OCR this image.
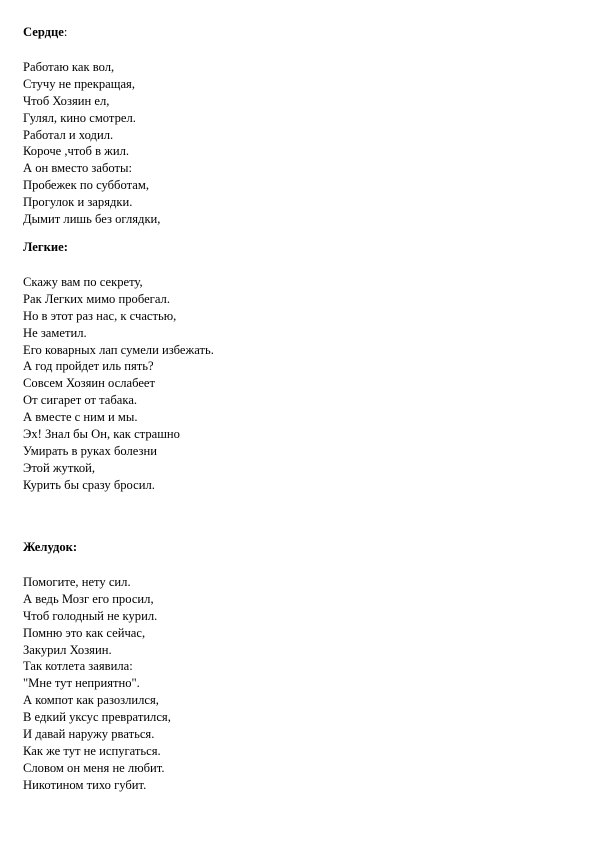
Сердце:
Работаю как вол,
Стучу не прекращая,
Чтоб Хозяин ел,
Гулял, кино смотрел.
Работал и ходил.
Короче ,чтоб в жил.
А он вместо заботы:
Пробежек по субботам,
Прогулок и зарядки.
Дымит лишь без оглядки,
Легкие:
Скажу вам по секрету,
Рак Легких мимо пробегал.
Но в этот раз нас, к счастью,
Не заметил.
Его коварных лап сумели избежать.
А год пройдет иль пять?
Совсем Хозяин ослабеет
От сигарет от табака.
А вместе с ним и мы.
Эх! Знал бы Он, как страшно
Умирать в руках болезни
Этой жуткой,
Курить бы сразу бросил.
Желудок:
Помогите, нету сил.
А ведь Мозг его просил,
Чтоб голодный не курил.
Помню это как сейчас,
Закурил Хозяин.
Так котлета заявила:
"Мне тут неприятно".
А компот как разозлился,
В едкий уксус превратился,
И давай наружу рваться.
Как же тут не испугаться.
Словом он меня не любит.
Никотином тихо губит.
